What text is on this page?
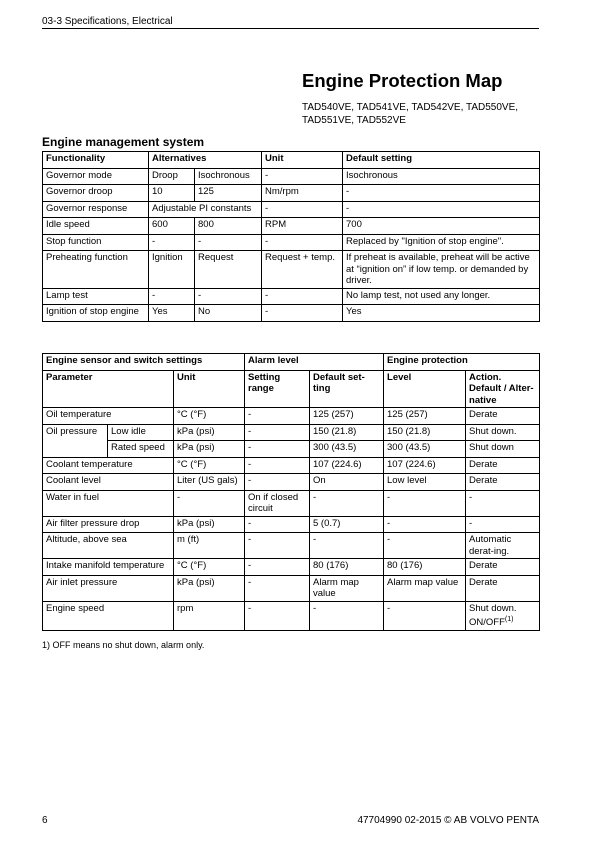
03-3 Specifications, Electrical
Engine Protection Map
TAD540VE, TAD541VE, TAD542VE, TAD550VE, TAD551VE, TAD552VE
Engine management system
Functionality	Alternatives		Unit	Default setting
Governor mode	Droop	Isochronous	-	Isochronous
Governor droop	10	125	Nm/rpm	-
Governor response	Adjustable PI constants		-	-
Idle speed	600	800	RPM	700
Stop function	-	-	-	Replaced by "Ignition of stop engine".
Preheating function	Ignition	Request	Request + temp.	If preheat is available, preheat will be active at “ignition on” if low temp. or demanded by driver.
Lamp test	-	-	-	No lamp test, not used any longer.
Ignition of stop engine	Yes	No	-	Yes
Engine sensor and switch settings			Alarm level		Engine protection	
Parameter		Unit	Setting range	Default set-ting	Level	Action. Default / Alter-native
Oil temperature		°C (°F)	-	125 (257)	125 (257)	Derate
Oil pressure	Low idle	kPa (psi)	-	150 (21.8)	150 (21.8)	Shut down.
	Rated speed	kPa (psi)	-	300 (43.5)	300 (43.5)	Shut down
Coolant temperature		°C (°F)	-	107 (224.6)	107 (224.6)	Derate
Coolant level		Liter (US gals)	-	On	Low level	Derate
Water in fuel		-	On if closed circuit	-	-	-
Air filter pressure drop		kPa (psi)	-	5 (0.7)	-	-
Altitude, above sea		m (ft)	-	-	-	Automatic derat-ing.
Intake manifold temperature		°C (°F)	-	80 (176)	80 (176)	Derate
Air inlet pressure		kPa (psi)	-	Alarm map value	Alarm map value	Derate
Engine speed		rpm	-	-	-	Shut down. ON/OFF$^{(1)}$
1) OFF means no shut down, alarm only.
6	47704990 02-2015 © AB VOLVO PENTA
